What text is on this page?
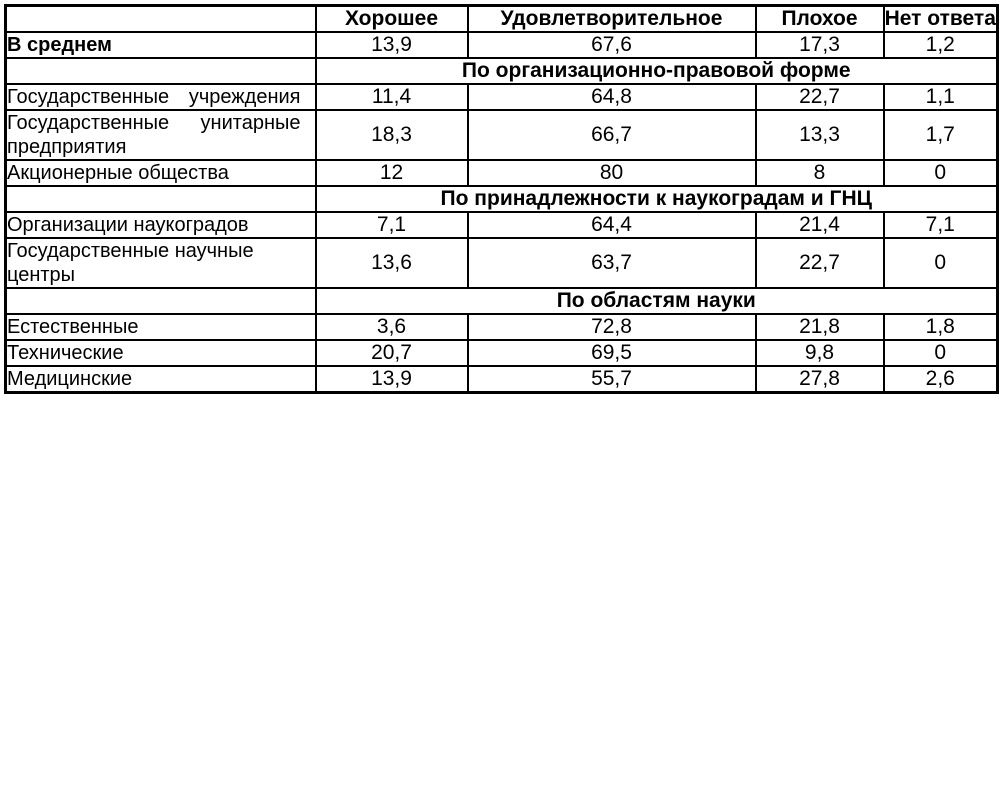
	Хорошее	Удовлетворительное	Плохое	Нет ответа
В среднем	13,9	67,6	17,3	1,2
	По организационно-правовой форме			
Государственные учреждения	11,4	64,8	22,7	1,1
Государственные унитарные предприятия	18,3	66,7	13,3	1,7
Акционерные общества	12	80	8	0
	По принадлежности к наукоградам и ГНЦ			
Организации наукоградов	7,1	64,4	21,4	7,1
Государственные научные центры	13,6	63,7	22,7	0
	По областям науки			
Естественные	3,6	72,8	21,8	1,8
Технические	20,7	69,5	9,8	0
Медицинские	13,9	55,7	27,8	2,6
